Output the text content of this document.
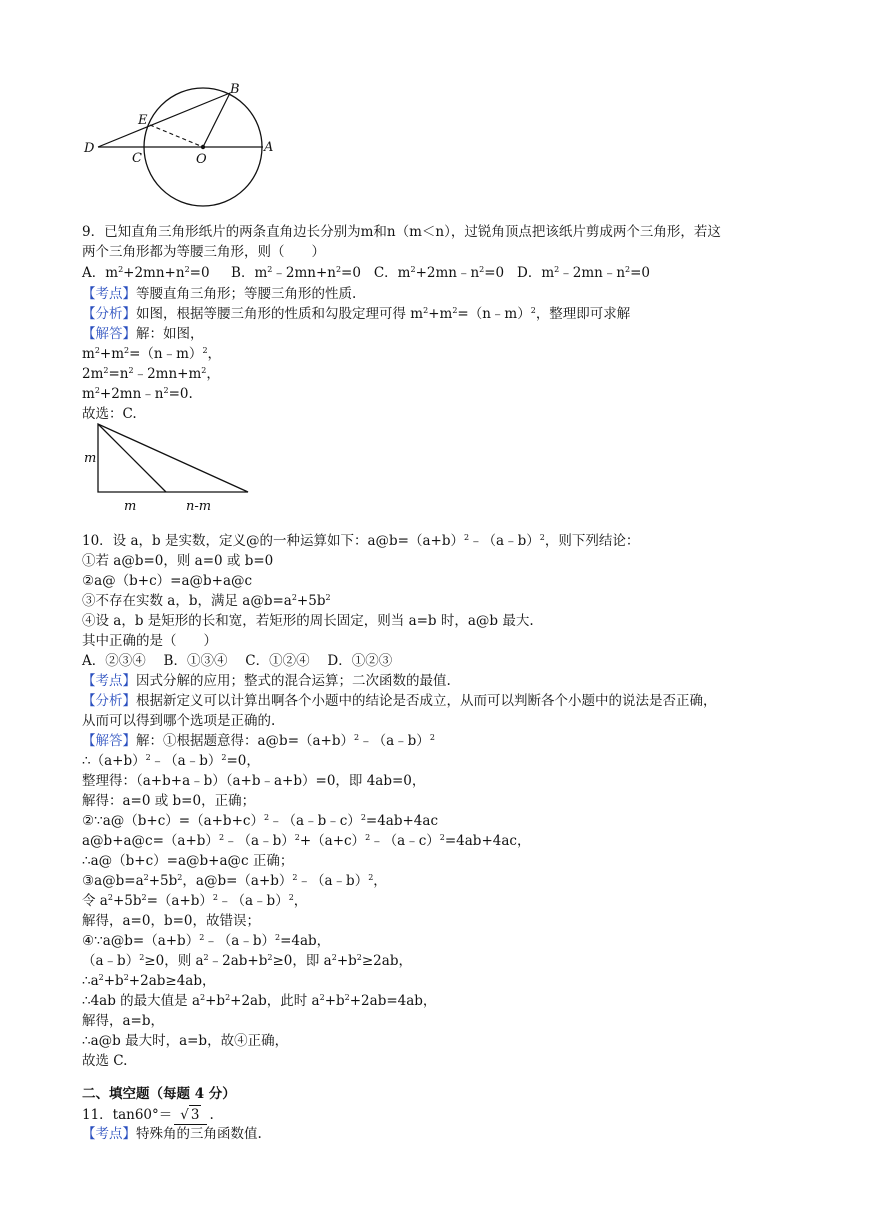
B
E
D
C	O
A
9．已知直角三角形纸片的两条直角边长分别为m和n（m＜n），过锐角顶点把该纸片剪成两个三角形，若这
两个三角形都为等腰三角形，则（　　）
A．$m^2+2mn+n^2=0$ B．$m^2﹣2mn+n^2=0$ C．$m^2+2mn﹣n^2=0$ D．$m^2﹣2mn﹣n^2=0$
【考点】等腰直角三角形；等腰三角形的性质.
【分析】如图，根据等腰三角形的性质和勾股定理可得 $m^2+m^2=(n﹣m)^2$，整理即可求解
【解答】解：如图，
$m^2+m^2=(n﹣m)^2$，
$2m^2=n^2﹣2mn+m^2$，
$m^2+2mn﹣n^2=0$.
故选：C.
m
m	n-m
10．设 a，b 是实数，定义@的一种运算如下：$a@b=(a+b)^2﹣(a﹣b)^2$，则下列结论：
①若 a@b=0，则 a=0 或 b=0
②a@（b+c）=a@b+a@c
③不存在实数 a，b，满足 $a@b=a^2+5b^2$
④设 a，b 是矩形的长和宽，若矩形的周长固定，则当 a=b 时，a@b 最大.
其中正确的是（　　）
A．②③④　 B．①③④　 C．①②④　 D．①②③
【考点】因式分解的应用；整式的混合运算；二次函数的最值.
【分析】根据新定义可以计算出啊各个小题中的结论是否成立，从而可以判断各个小题中的说法是否正确，
从而可以得到哪个选项是正确的.
【解答】解：①根据题意得：$a@b=(a+b)^2﹣(a﹣b)^2$
$\therefore(a+b)^2﹣(a﹣b)^2=0$，
整理得：（a+b+a﹣b）（a+b﹣a+b）=0，即 4ab=0，
解得：a=0 或 b=0，正确；
$②\because a@(b+c)=(a+b+c)^2﹣(a﹣b﹣c)^2=4ab+4ac$
$a@b+a@c=(a+b)^2﹣(a﹣b)^2+(a+c)^2﹣(a﹣c)^2=4ab+4ac$，
∴a@（b+c）=a@b+a@c 正确；
$③a@b=a^2+5b^2$，$a@b=(a+b)^2﹣(a﹣b)^2$，
令 $a^2+5b^2=(a+b)^2﹣(a﹣b)^2$，
解得，a=0，b=0，故错误；
$④\because a@b=(a+b)^2﹣(a﹣b)^2=4ab$，
（a﹣b）$^2$≥0，则 $a^2﹣2ab+b^2\ge 0$，即 $a^2+b^2\ge 2ab$，
$\therefore a^2+b^2+2ab\ge 4ab$，
∴4ab 的最大值是 $a^2+b^2+2ab$，此时 $a^2+b^2+2ab=4ab$，
解得，a=b，
∴a@b 最大时，a=b，故④正确，
故选 C.
二、填空题（每题 4 分）
11．tan60°＝ √ 3 .
【考点】特殊角的三角函数值.
